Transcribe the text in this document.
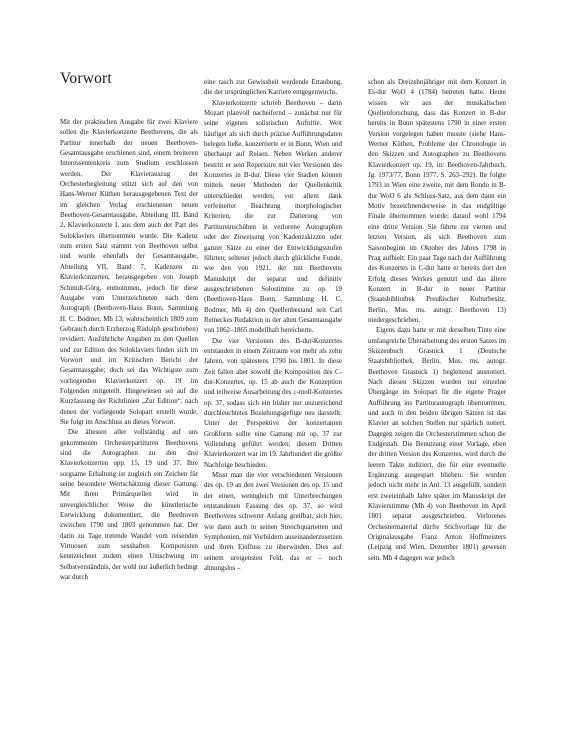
Vorwort

Mit der praktischen Ausgabe für zwei Klaviere sollen die Klavierkonzerte Beethovens, die als Partitur innerhalb der neuen Beethoven-Gesamtausgabe erschienen sind, einem breiteren Interessentenkreis zum Studium erschlossen werden. Der Klavierauszug der Orchesterbegleitung stützt sich auf den von Hans-Werner Küthen herausgegebenen Text der im gleichen Verlag erschienenen neuen Beethoven-Gesamtausgabe, Abteilung III, Band 2, Klavierkonzerte I, aus dem auch der Part des Soloklaviers übernommen wurde. Die Kadenz zum ersten Satz stammt von Beethoven selbst und wurde ebenfalls der Gesamtausgabe, Abteilung VII, Band 7, Kadenzen zu Klavierkonzerten, herausgegeben von Joseph Schmidt-Görg, entnommen, jedoch für diese Ausgabe vom Unterzeichneten nach dem Autograph (Beethoven-Haus Bonn, Sammlung H. C. Bodmer, Mh 13; wahrscheinlich 1809 zum Gebrauch durch Erzherzog Rudolph geschrieben) revidiert. Ausführliche Angaben zu den Quellen und zur Edition des Soloklaviers finden sich im Vorwort und im Kritischen Bericht der Gesamtausgabe; doch sei das Wichtigste zum vorliegenden Klavierkonzert op. 19 im Folgenden mitgeteilt. Hingewiesen sei auf die Kurzfassung der Richtlinien „Zur Edition“, nach denen der vorliegende Solopart erstellt wurde. Sie folgt im Anschluss an dieses Vorwort.

Die ältesten aller vollständig auf uns gekommenen Orchesterpartituren Beethovens sind die Autographen zu den drei Klavierkonzerten opp. 15, 19 und 37. Ihre sorgsame Erhaltung ist zugleich ein Zeichen für seine besondere Wertschätzung dieser Gattung. Mit ihren Primärquellen wird in unvergleichlicher Weise die künstlerische Entwicklung dokumentiert, die Beethoven zwischen 1790 und 1803 genommen hat. Der darin zu Tage tretende Wandel vom reisenden Virtuosen zum sesshaften Komponisten kennzeichnet zudem einen Umschwung im Selbstverständnis, der wohl nur äußerlich bedingt war durch

eine rasch zur Gewissheit werdende Ertaubung, die der ursprünglichen Karriere entgegenwuchs.

Klavierkonzerte schrieb Beethoven – darin Mozart planvoll nacheifernd – zunächst nur für seine eigenen solistischen Auftritte. Weit häufiger als sich durch präzise Aufführungsdaten belegen ließe, konzertierte er in Bonn, Wien und überhaupt auf Reisen. Neben Werken anderer bestritt er sein Repertoire mit vier Versionen des Konzertes in B-dur. Diese vier Stadien können mittels neuer Methoden der Quellenkritik unterschieden werden; vor allem dank verfeinerter Beachtung morphologischer Kriterien, die zur Datierung von Partitureinschüben in verlorene Autographen oder der Zuweisung von Kadenzskizzen oder ganzer Sätze zu einer der Entwicklungsstufen führten; seltener jedoch durch glückliche Funde, wie den von 1921, der mit Beethovens Manuskript der separat und definitiv ausgeschriebenen Solostimme zu op. 19 (Beethoven-Haus Bonn, Sammlung H. C. Bodmer, Mh 4) den Quellenbestand seit Carl Reineckes Redaktion in der alten Gesamtausgabe von 1862–1865 modellhaft bereicherte.

Die vier Versionen des B-dur-Konzertes entstanden in einem Zeitraum von mehr als zehn Jahren, von spätestens 1790 bis 1801. In diese Zeit fallen aber sowohl die Komposition des C-dur-Konzertes, op. 15 ab auch die Konzeption und teilweise Ausarbeitung des c-moll-Konzertes op. 37, sodass sich ein bisher nur unzureichend durchleuchtetes Beziehungsgefüge neu darstellt: Unter der Perspektive der konzertanten Großform sollte eine Gattung mit op. 37 zur Vollendung geführt werden; diesem Dritten Klavierkonzert war im 19. Jahrhundert die größte Nachfolge beschieden.

Misst man die vier verschiedenen Versionen des op. 19 an den zwei Versionen des op. 15 und der einen, wenngleich mit Unterbrechungen entstandenen Fassung des op. 37, so wird Beethovens schwerer Anfang greifbar, sich hier, wie dann auch in seinen Streichquartetten und Symphonien, mit Vorbildern auseinanderzusetzen und ihren Einfluss zu überwinden. Dies auf seinem ureigensten Feld, das er – noch ahnungslos –

schon als Dreizehnjähriger mit dem Konzert in Es-dur WoO 4 (1784) betreten hatte. Heute wissen wir aus der musikalischen Quellenforschung, dass das Konzert in B-dur bereits in Bonn spätestens 1790 in einer ersten Version vorgelegen haben musste (siehe Hans-Werner Küthen, Probleme der Chronologie in den Skizzen und Autographen zu Beethovens Klavierkonzert op. 19, in: Beethoven-Jahrbuch, Jg. 1973/77, Bonn 1977, S. 263–292). Ihr folgte 1793 in Wien eine zweite, mit dem Rondo in B-dur WoO 6 als Schluss-Satz, aus dem dann ein Motiv bezeichnenderweise in das endgültige Finale übernommen wurde; darauf wohl 1794 eine dritte Version. Sie führte zur vierten und letzten Version, als sich Beethoven zum Saisonbeginn im Oktober des Jahres 1798 in Prag aufhielt: Ein paar Tage nach der Aufführung des Konzertes in C-dur hatte er bereits dort den Erfolg dieses Werkes genutzt und das ältere Konzert in B-dur in neuer Partitur (Staatsbibliothek Preußischer Kulturbesitz, Berlin, Mus. ms. autogr. Beethoven 13) niedergeschrieben.

Eigens dazu hatte er mit derselben Tinte eine umfangreiche Überarbeitung des ersten Satzes im Skizzenbuch Grasnick 1 (Deutsche Staatsbibliothek, Berlin, Mus. ms. autogr. Beethoven Grasnick 1) begleitend ausnotiert. Nach diesen Skizzen wurden nur einzelne Übergänge im Solopart für die eigene Prager Aufführung ins Partiturautograph übernommen, und auch in den beiden übrigen Sätzen ist das Klavier an solchen Stellen nur spärlich notiert. Dagegen zeigen die Orchesterstimmen schon die Endgestalt. Die Benutzung einer Vorlage, eben der dritten Version des Konzertes, wird durch die leeren Takte indiziert, die für eine eventuelle Ergänzung ausgespart blieben. Sie wurden jedoch nicht mehr in Anl. 13 ausgefüllt, sondern erst zweieinhalb Jahre später im Manuskript der Klavierstimme (Mh 4) von Beethoven im April 1801 separat ausgeschrieben. Verlorenes Orchestermaterial dürfte Stichvorlage für die Originalausgabe Franz Anton Hoffmeisters (Leipzig und Wien, Dezember 1801) gewesen sein. Mh 4 dagegen war jedoch
